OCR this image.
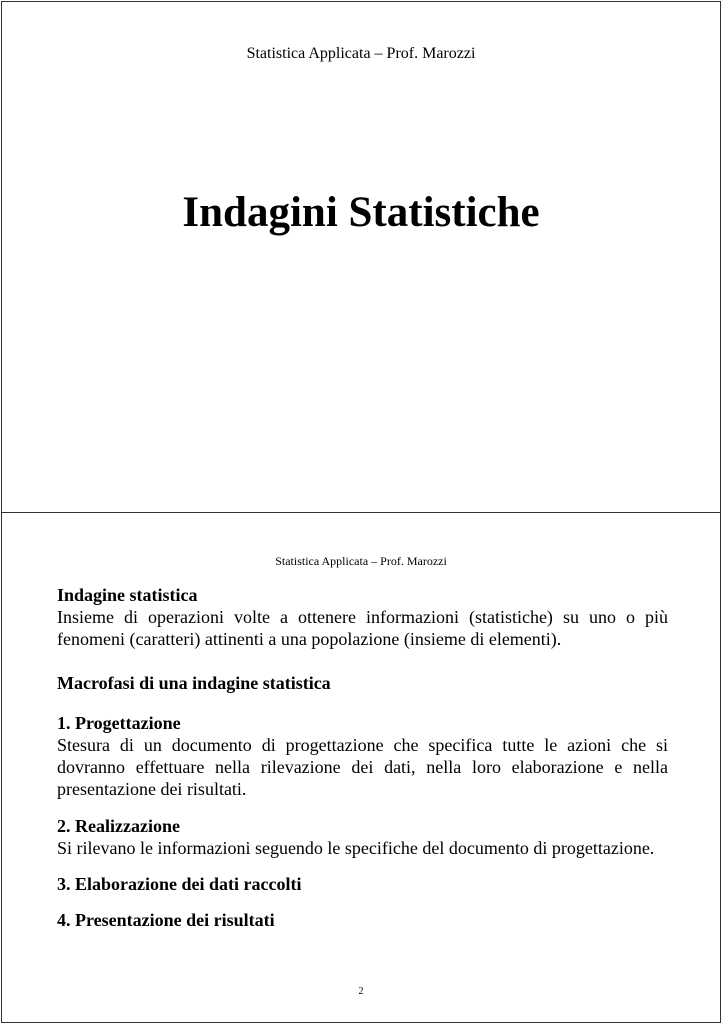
Statistica Applicata – Prof. Marozzi
Indagini Statistiche
Statistica Applicata – Prof. Marozzi
Indagine statistica

Insieme di operazioni volte a ottenere informazioni (statistiche) su uno o più fenomeni (caratteri) attinenti a una popolazione (insieme di elementi).

Macrofasi di una indagine statistica
1. Progettazione

Stesura di un documento di progettazione che specifica tutte le azioni che si dovranno effettuare nella rilevazione dei dati, nella loro elaborazione e nella presentazione dei risultati.

2. Realizzazione

Si rilevano le informazioni seguendo le specifiche del documento di progettazione.

3. Elaborazione dei dati raccolti
4. Presentazione dei risultati
2
